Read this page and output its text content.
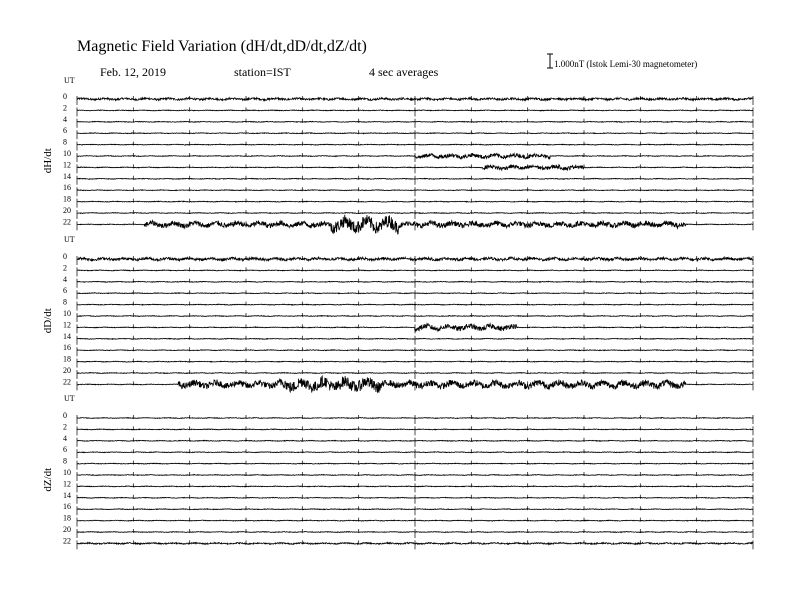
Magnetic Field Variation (dH/dt,dD/dt,dZ/dt)
Feb. 12, 2019	station=IST	4 sec averages
1.000nT (Istok Lemi-30 magnetometer)
UT
dH/dt
0
2
4
6
8
10
12
14
16
18
20
22
UT
dD/dt
0
2
4
6
8
10
12
14
16
18
20
22
UT
dZ/dt
0
2
4
6
8
10
12
14
16
18
20
22
